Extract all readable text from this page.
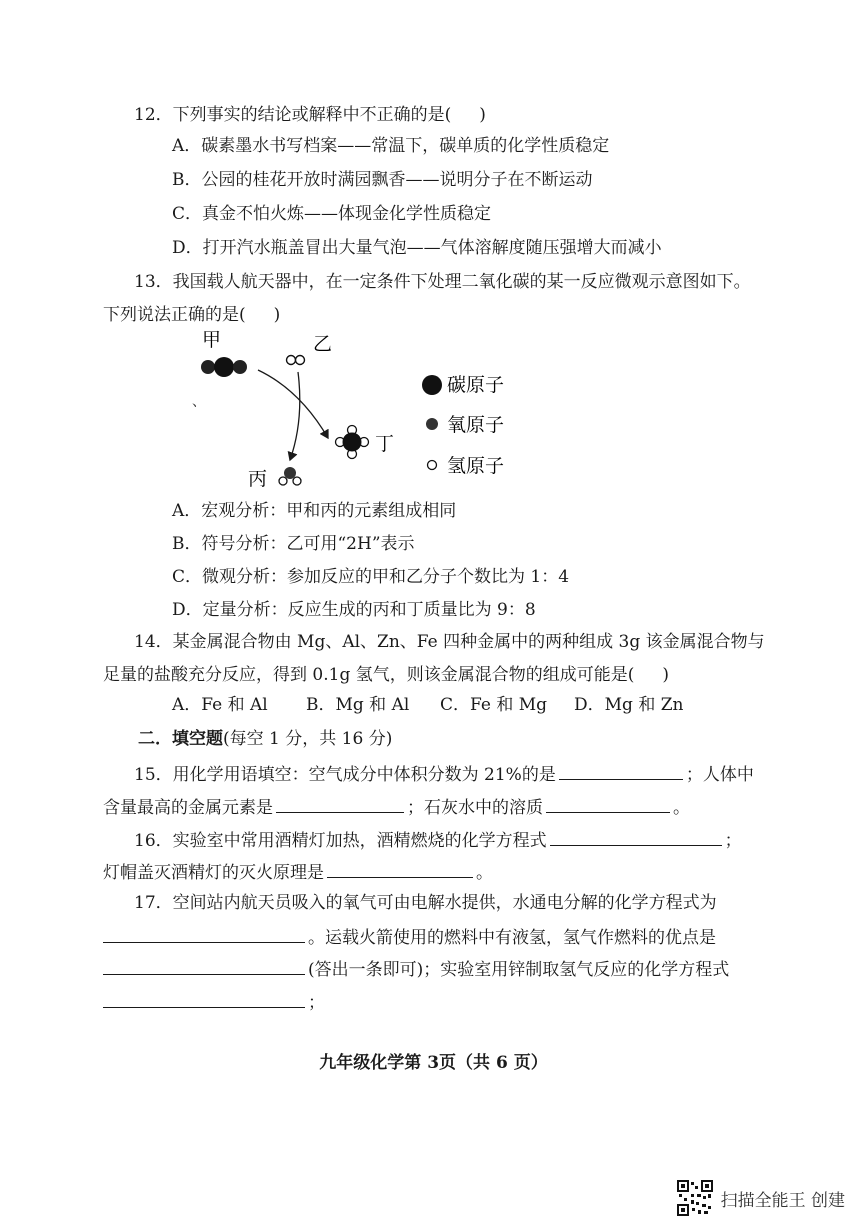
12．下列事实的结论或解释中不正确的是( )
A．碳素墨水书写档案——常温下，碳单质的化学性质稳定
B．公园的桂花开放时满园飘香——说明分子在不断运动
C．真金不怕火炼——体现金化学性质稳定
D．打开汽水瓶盖冒出大量气泡——气体溶解度随压强增大而减小
13．我国载人航天器中，在一定条件下处理二氧化碳的某一反应微观示意图如下。
下列说法正确的是( )
甲	乙
、
丁
丙
碳原子
氧原子
氢原子
A．宏观分析：甲和丙的元素组成相同
B．符号分析：乙可用“2H”表示
C．微观分析：参加反应的甲和乙分子个数比为 1：4
D．定量分析：反应生成的丙和丁质量比为 9：8
14．某金属混合物由 Mg、Al、Zn、Fe 四种金属中的两种组成 3g 该金属混合物与
足量的盐酸充分反应，得到 0.1g 氢气，则该金属混合物的组成可能是( )
A．Fe 和 Al B．Mg 和 Al C．Fe 和 Mg D．Mg 和 Zn
二．填空题(每空 1 分，共 16 分)
15．用化学用语填空：空气成分中体积分数为 21%的是	；人体中
含量最高的金属元素是	；石灰水中的溶质	。
16．实验室中常用酒精灯加热，酒精燃烧的化学方程式	；
灯帽盖灭酒精灯的灭火原理是	。
17．空间站内航天员吸入的氧气可由电解水提供，水通电分解的化学方程式为
。运载火箭使用的燃料中有液氢，氢气作燃料的优点是
(答出一条即可)；实验室用锌制取氢气反应的化学方程式
；
九年级化学第 3页（共 6 页）
扫描全能王 创建
